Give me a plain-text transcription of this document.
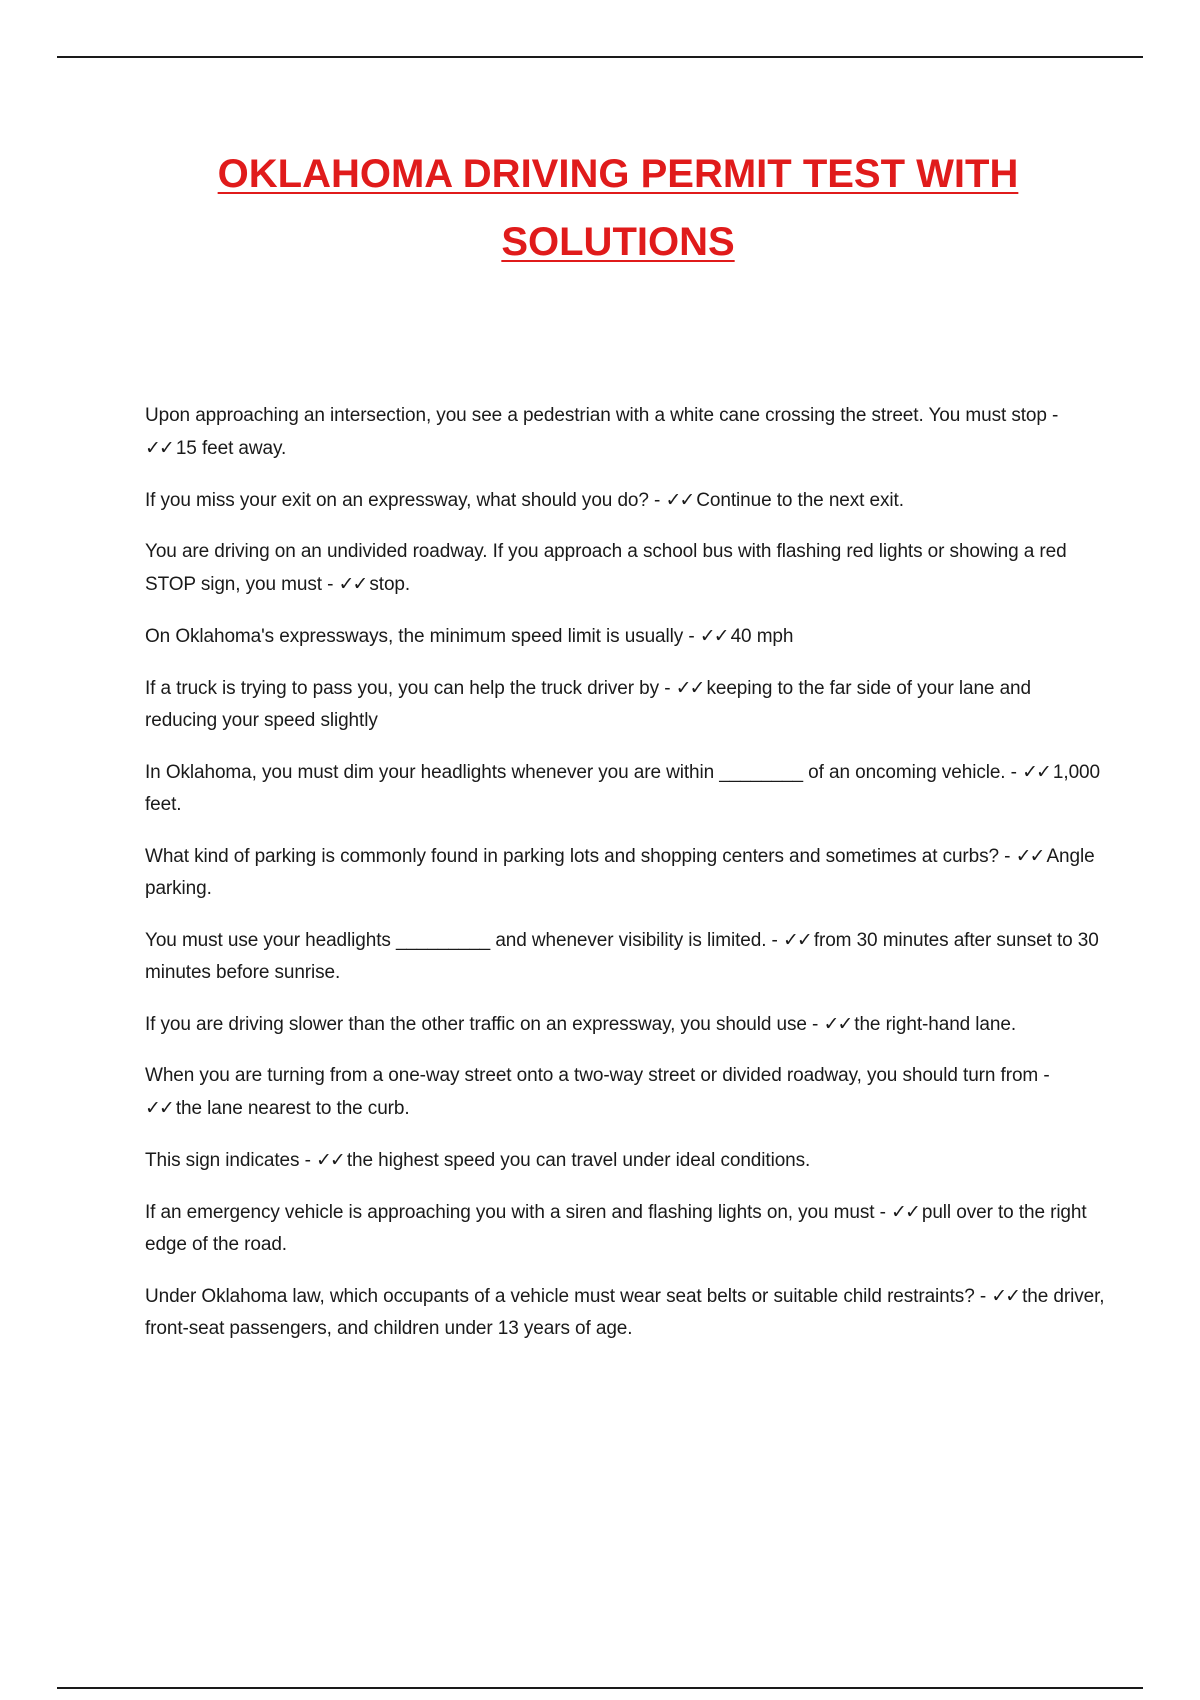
OKLAHOMA DRIVING PERMIT TEST WITH
SOLUTIONS
Upon approaching an intersection, you see a pedestrian with a white cane crossing the street. You must stop - ✓✓ 15 feet away.
If you miss your exit on an expressway, what should you do? - ✓✓ Continue to the next exit.
You are driving on an undivided roadway. If you approach a school bus with flashing red lights or showing a red STOP sign, you must - ✓✓ stop.
On Oklahoma's expressways, the minimum speed limit is usually - ✓✓ 40 mph
If a truck is trying to pass you, you can help the truck driver by - ✓✓ keeping to the far side of your lane and reducing your speed slightly
In Oklahoma, you must dim your headlights whenever you are within ________ of an oncoming vehicle. - ✓✓ 1,000 feet.
What kind of parking is commonly found in parking lots and shopping centers and sometimes at curbs? - ✓✓ Angle parking.
You must use your headlights _________ and whenever visibility is limited. - ✓✓ from 30 minutes after sunset to 30 minutes before sunrise.
If you are driving slower than the other traffic on an expressway, you should use - ✓✓ the right-hand lane.
When you are turning from a one-way street onto a two-way street or divided roadway, you should turn from - ✓✓ the lane nearest to the curb.
This sign indicates - ✓✓ the highest speed you can travel under ideal conditions.
If an emergency vehicle is approaching you with a siren and flashing lights on, you must - ✓✓ pull over to the right edge of the road.
Under Oklahoma law, which occupants of a vehicle must wear seat belts or suitable child restraints? - ✓✓ the driver, front-seat passengers, and children under 13 years of age.
